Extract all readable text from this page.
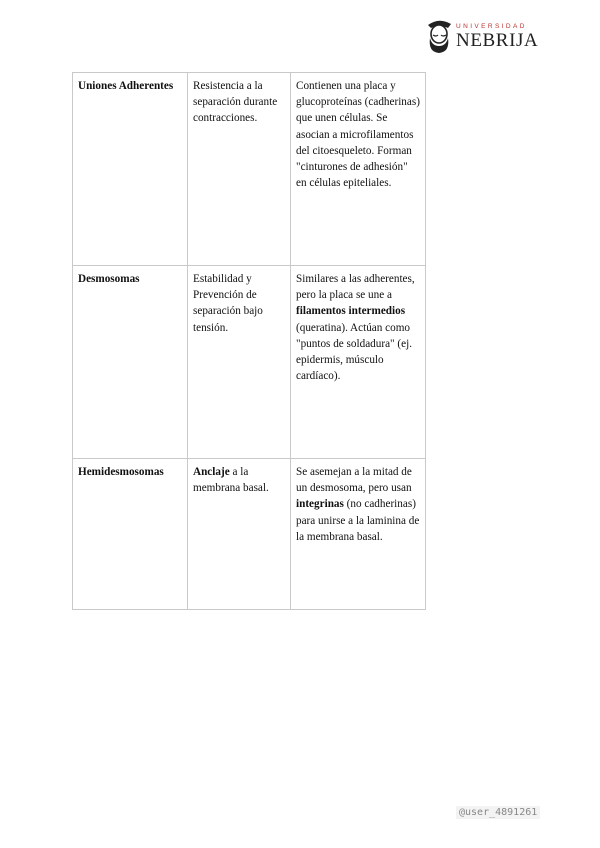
UNIVERSIDAD
NEBRIJA
Uniones Adherentes	Resistencia a la separación durante contracciones.	Contienen una placa y glucoproteínas (cadherinas) que unen células. Se asocian a microfilamentos del citoesqueleto. Forman "cinturones de adhesión" en células epiteliales.
Desmosomas	Estabilidad y Prevención de separación bajo tensión.	Similares a las adherentes, pero la placa se une a filamentos intermedios (queratina). Actúan como "puntos de soldadura" (ej. epidermis, músculo cardíaco).
Hemidesmosomas	Anclaje a la membrana basal.	Se asemejan a la mitad de un desmosoma, pero usan integrinas (no cadherinas) para unirse a la laminina de la membrana basal.
@user_4891261
